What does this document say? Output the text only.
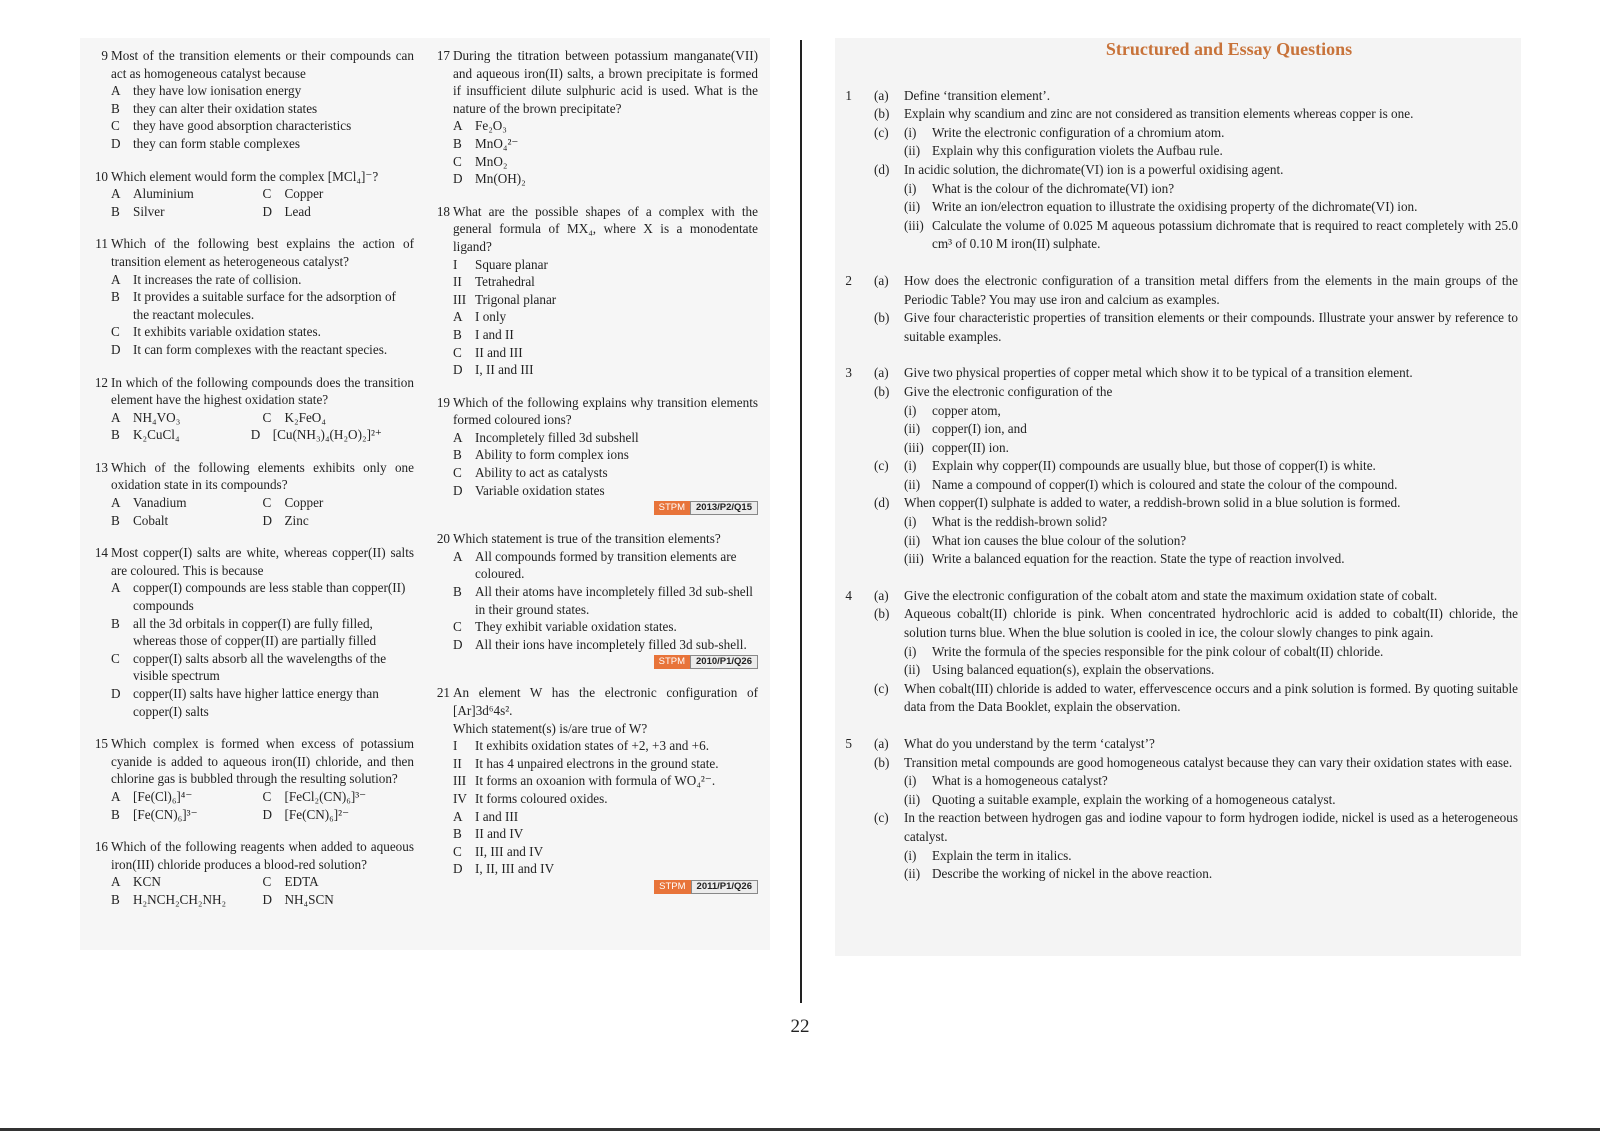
9 Most of the transition elements or their compounds can act as homogeneous catalyst because
A they have low ionisation energy
B they can alter their oxidation states
C they have good absorption characteristics
D they can form stable complexes
10 Which element would form the complex [MCl₄]⁻?
A Aluminium	C Copper
B Silver	D Lead
11 Which of the following best explains the action of transition element as heterogeneous catalyst?
A It increases the rate of collision.
B It provides a suitable surface for the adsorption of the reactant molecules.
C It exhibits variable oxidation states.
D It can form complexes with the reactant species.
12 In which of the following compounds does the transition element have the highest oxidation state?
A NH₄VO₃	C K₂FeO₄
B K₂CuCl₄	D [Cu(NH₃)₄(H₂O)₂]²⁺
13 Which of the following elements exhibits only one oxidation state in its compounds?
A Vanadium	C Copper
B Cobalt	D Zinc
14 Most copper(I) salts are white, whereas copper(II) salts are coloured. This is because
A copper(I) compounds are less stable than copper(II) compounds
B all the 3d orbitals in copper(I) are fully filled, whereas those of copper(II) are partially filled
C copper(I) salts absorb all the wavelengths of the visible spectrum
D copper(II) salts have higher lattice energy than copper(I) salts
15 Which complex is formed when excess of potassium cyanide is added to aqueous iron(II) chloride, and then chlorine gas is bubbled through the resulting solution?
A [Fe(Cl)₆]⁴⁻	C [FeCl₂(CN)₆]³⁻
B [Fe(CN)₆]³⁻	D [Fe(CN)₆]²⁻
16 Which of the following reagents when added to aqueous iron(III) chloride produces a blood-red solution?
A KCN	C EDTA
B H₂NCH₂CH₂NH₂	D NH₄SCN
17 During the titration between potassium manganate(VII) and aqueous iron(II) salts, a brown precipitate is formed if insufficient dilute sulphuric acid is used. What is the nature of the brown precipitate?
A Fe₂O₃
B MnO₄²⁻
C MnO₂
D Mn(OH)₂
18 What are the possible shapes of a complex with the general formula of MX₄, where X is a monodentate ligand?
I Square planar
II Tetrahedral
III Trigonal planar
A I only
B I and II
C II and III
D I, II and III
19 Which of the following explains why transition elements formed coloured ions?
A Incompletely filled 3d subshell
B Ability to form complex ions
C Ability to act as catalysts
D Variable oxidation states
STPM	2013/P2/Q15
20 Which statement is true of the transition elements?
A All compounds formed by transition elements are coloured.
B All their atoms have incompletely filled 3d sub-shell in their ground states.
C They exhibit variable oxidation states.
D All their ions have incompletely filled 3d sub-shell.
STPM	2010/P1/Q26
21 An element W has the electronic configuration of [Ar]3d⁶4s².
Which statement(s) is/are true of W?
I It exhibits oxidation states of +2, +3 and +6.
II It has 4 unpaired electrons in the ground state.
III It forms an oxoanion with formula of WO₄²⁻.
IV It forms coloured oxides.
A I and III
B II and IV
C II, III and IV
D I, II, III and IV
STPM	2011/P1/Q26
Structured and Essay Questions
1 (a) Define ‘transition element’.
(b) Explain why scandium and zinc are not considered as transition elements whereas copper is one.
(c) (i) Write the electronic configuration of a chromium atom.
(ii) Explain why this configuration violets the Aufbau rule.
(d) In acidic solution, the dichromate(VI) ion is a powerful oxidising agent.
(i) What is the colour of the dichromate(VI) ion?
(ii) Write an ion/electron equation to illustrate the oxidising property of the dichromate(VI) ion.
(iii) Calculate the volume of 0.025 M aqueous potassium dichromate that is required to react completely with 25.0 cm³ of 0.10 M iron(II) sulphate.
2 (a) How does the electronic configuration of a transition metal differs from the elements in the main groups of the Periodic Table? You may use iron and calcium as examples.
(b) Give four characteristic properties of transition elements or their compounds. Illustrate your answer by reference to suitable examples.
3 (a) Give two physical properties of copper metal which show it to be typical of a transition element.
(b) Give the electronic configuration of the
(i) copper atom,
(ii) copper(I) ion, and
(iii) copper(II) ion.
(c) (i) Explain why copper(II) compounds are usually blue, but those of copper(I) is white.
(ii) Name a compound of copper(I) which is coloured and state the colour of the compound.
(d) When copper(I) sulphate is added to water, a reddish-brown solid in a blue solution is formed.
(i) What is the reddish-brown solid?
(ii) What ion causes the blue colour of the solution?
(iii) Write a balanced equation for the reaction. State the type of reaction involved.
4 (a) Give the electronic configuration of the cobalt atom and state the maximum oxidation state of cobalt.
(b) Aqueous cobalt(II) chloride is pink. When concentrated hydrochloric acid is added to cobalt(II) chloride, the solution turns blue. When the blue solution is cooled in ice, the colour slowly changes to pink again.
(i) Write the formula of the species responsible for the pink colour of cobalt(II) chloride.
(ii) Using balanced equation(s), explain the observations.
(c) When cobalt(III) chloride is added to water, effervescence occurs and a pink solution is formed. By quoting suitable data from the Data Booklet, explain the observation.
5 (a) What do you understand by the term ‘catalyst’?
(b) Transition metal compounds are good homogeneous catalyst because they can vary their oxidation states with ease.
(i) What is a homogeneous catalyst?
(ii) Quoting a suitable example, explain the working of a homogeneous catalyst.
(c) In the reaction between hydrogen gas and iodine vapour to form hydrogen iodide, nickel is used as a heterogeneous catalyst.
(i) Explain the term in italics.
(ii) Describe the working of nickel in the above reaction.
22
